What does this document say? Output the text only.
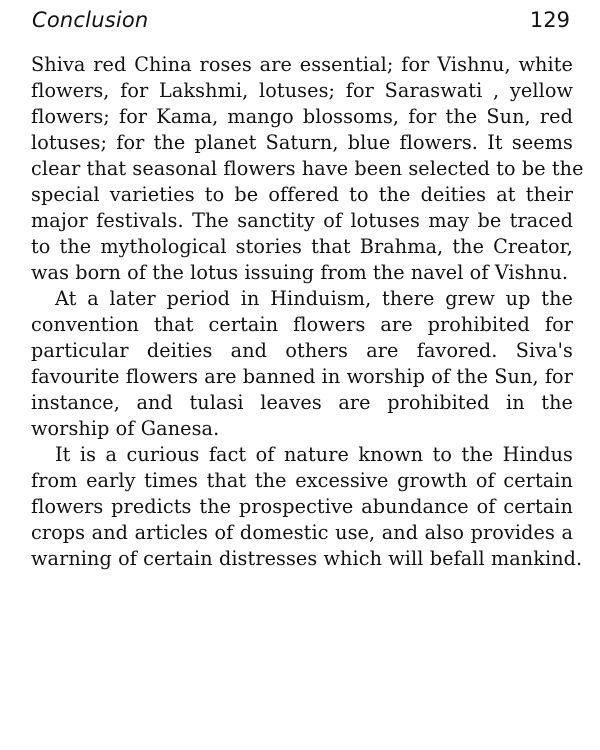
Conclusion	129
Shiva red China roses are essential; for Vishnu, white
flowers, for Lakshmi, lotuses; for Saraswati , yellow
flowers; for Kama, mango blossoms, for the Sun, red
lotuses; for the planet Saturn, blue flowers. It seems
clear that seasonal flowers have been selected to be the
special varieties to be offered to the deities at their
major festivals. The sanctity of lotuses may be traced
to the mythological stories that Brahma, the Creator,
was born of the lotus issuing from the navel of Vishnu.
At a later period in Hinduism, there grew up the
convention that certain flowers are prohibited for
particular deities and others are favored. Siva's
favourite flowers are banned in worship of the Sun, for
instance, and tulasi leaves are prohibited in the
worship of Ganesa.
It is a curious fact of nature known to the Hindus
from early times that the excessive growth of certain
flowers predicts the prospective abundance of certain
crops and articles of domestic use, and also provides a
warning of certain distresses which will befall mankind.
